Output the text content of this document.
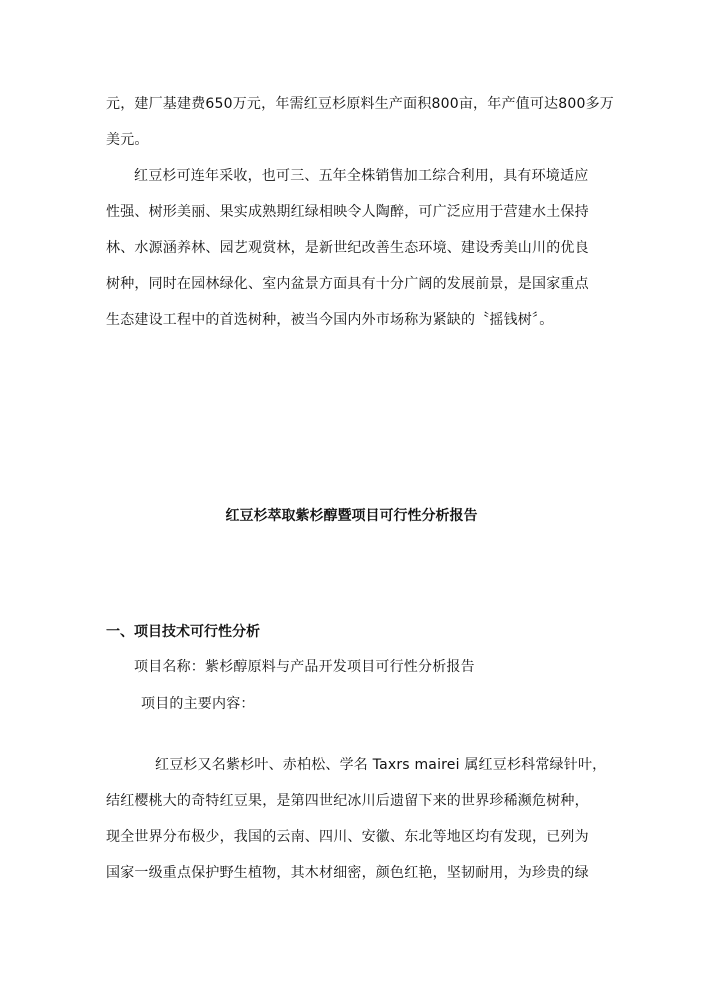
元，建厂基建费650万元，年需红豆杉原料生产面积800亩，年产值可达800多万
美元。
红豆杉可连年采收，也可三、五年全株销售加工综合利用，具有环境适应
性强、树形美丽、果实成熟期红绿相映令人陶醉，可广泛应用于营建水土保持
林、水源涵养林、园艺观赏林，是新世纪改善生态环境、建设秀美山川的优良
树种，同时在园林绿化、室内盆景方面具有十分广阔的发展前景，是国家重点
生态建设工程中的首选树种，被当今国内外市场称为紧缺的〝摇钱树〞。
红豆杉萃取紫杉醇暨项目可行性分析报告
一、项目技术可行性分析
项目名称：紫杉醇原料与产品开发项目可行性分析报告
项目的主要内容：
红豆杉又名紫杉叶、赤柏松、学名 Taxrs mairei 属红豆杉科常绿针叶，
结红樱桃大的奇特红豆果，是第四世纪冰川后遗留下来的世界珍稀濒危树种，
现全世界分布极少，我国的云南、四川、安徽、东北等地区均有发现，已列为
国家一级重点保护野生植物，其木材细密，颜色红艳，坚韧耐用，为珍贵的绿
